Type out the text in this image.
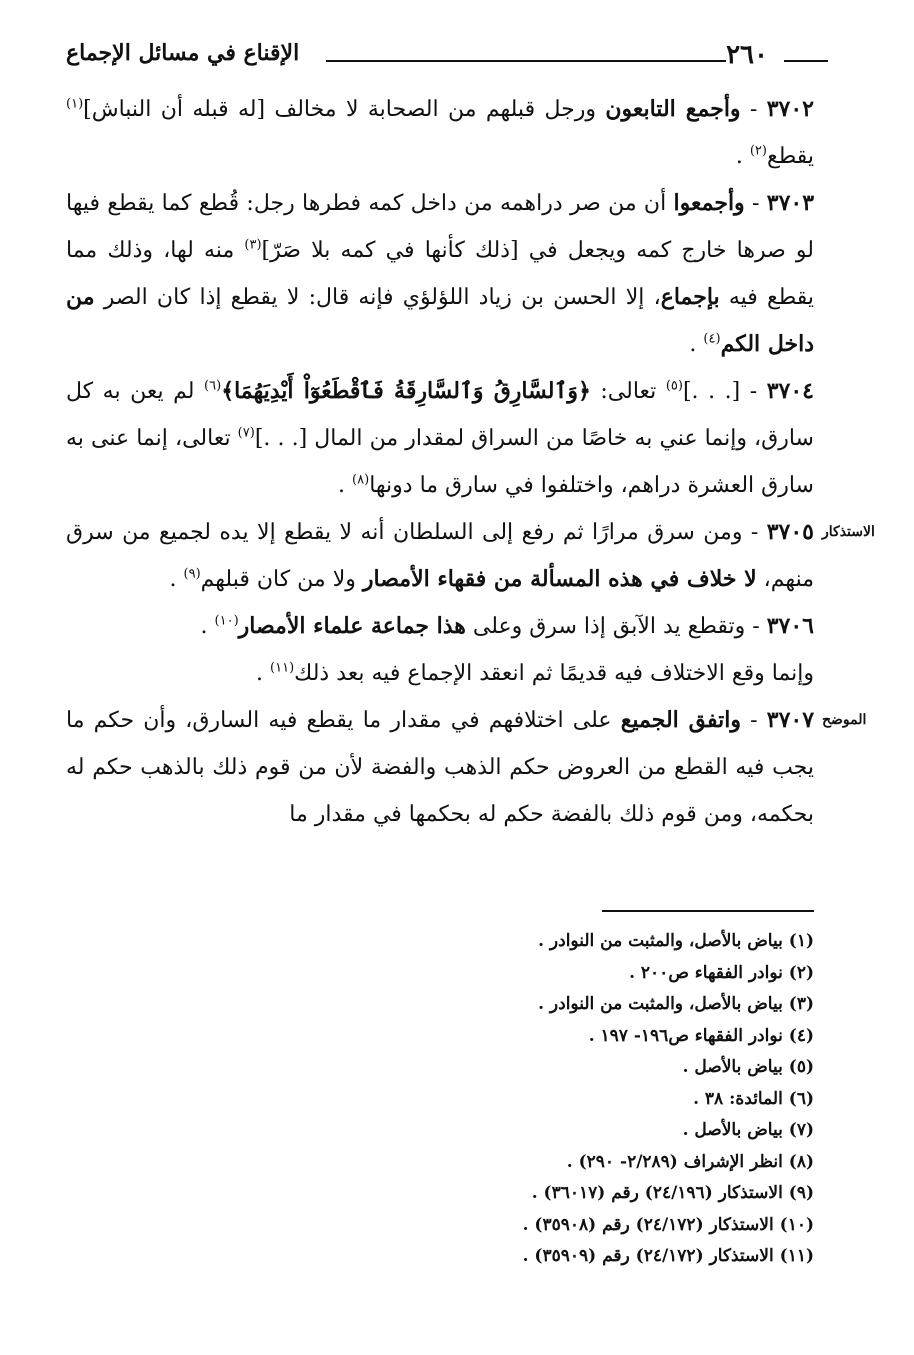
٢٦٠
الإقناع في مسائل الإجماع

٣٧٠٢ - وأجمع التابعون ورجل قبلهم من الصحابة لا مخالف [له قبله أن النباش]$^{(١)}$ يقطع$^{(٢)}$ .

٣٧٠٣ - وأجمعوا أن من صر دراهمه من داخل كمه فطرها رجل: قُطع كما يقطع فيها لو صرها خارج كمه ويجعل في [ذلك كأنها في كمه بلا صَرّ]$^{(٣)}$ منه لها، وذلك مما يقطع فيه بإجماع، إلا الحسن بن زياد اللؤلؤي فإنه قال: لا يقطع إذا كان الصر من داخل الكم$^{(٤)}$ .

٣٧٠٤ - [. . .]$^{(٥)}$ تعالى: ﴿وَٱلسَّارِقُ وَٱلسَّارِقَةُ فَٱقْطَعُوٓاْ أَيْدِيَهُمَا﴾$^{(٦)}$ لم يعن به كل سارق، وإنما عني به خاصًا من السراق لمقدار من المال [. . .]$^{(٧)}$ تعالى، إنما عنى به سارق العشرة دراهم، واختلفوا في سارق ما دونها$^{(٨)}$ .

الاستذكار
٣٧٠٥ - ومن سرق مرارًا ثم رفع إلى السلطان أنه لا يقطع إلا يده لجميع من سرق منهم، لا خلاف في هذه المسألة من فقهاء الأمصار ولا من كان قبلهم$^{(٩)}$ .

٣٧٠٦ - وتقطع يد الآبق إذا سرق وعلى هذا جماعة علماء الأمصار$^{(١٠)}$ .

وإنما وقع الاختلاف فيه قديمًا ثم انعقد الإجماع فيه بعد ذلك$^{(١١)}$ .

الموضح
٣٧٠٧ - واتفق الجميع على اختلافهم في مقدار ما يقطع فيه السارق، وأن حكم ما يجب فيه القطع من العروض حكم الذهب والفضة لأن من قوم ذلك بالذهب حكم له بحكمه، ومن قوم ذلك بالفضة حكم له بحكمها في مقدار ما

(١) بياض بالأصل، والمثبت من النوادر .
(٢) نوادر الفقهاء ص٢٠٠ .
(٣) بياض بالأصل، والمثبت من النوادر .
(٤) نوادر الفقهاء ص١٩٦- ١٩٧ .
(٥) بياض بالأصل .
(٦) المائدة: ٣٨ .
(٧) بياض بالأصل .
(٨) انظر الإشراف (٢/٢٨٩- ٢٩٠) .
(٩) الاستذكار (٢٤/١٩٦) رقم (٣٦٠١٧) .
(١٠) الاستذكار (٢٤/١٧٢) رقم (٣٥٩٠٨) .
(١١) الاستذكار (٢٤/١٧٢) رقم (٣٥٩٠٩) .
